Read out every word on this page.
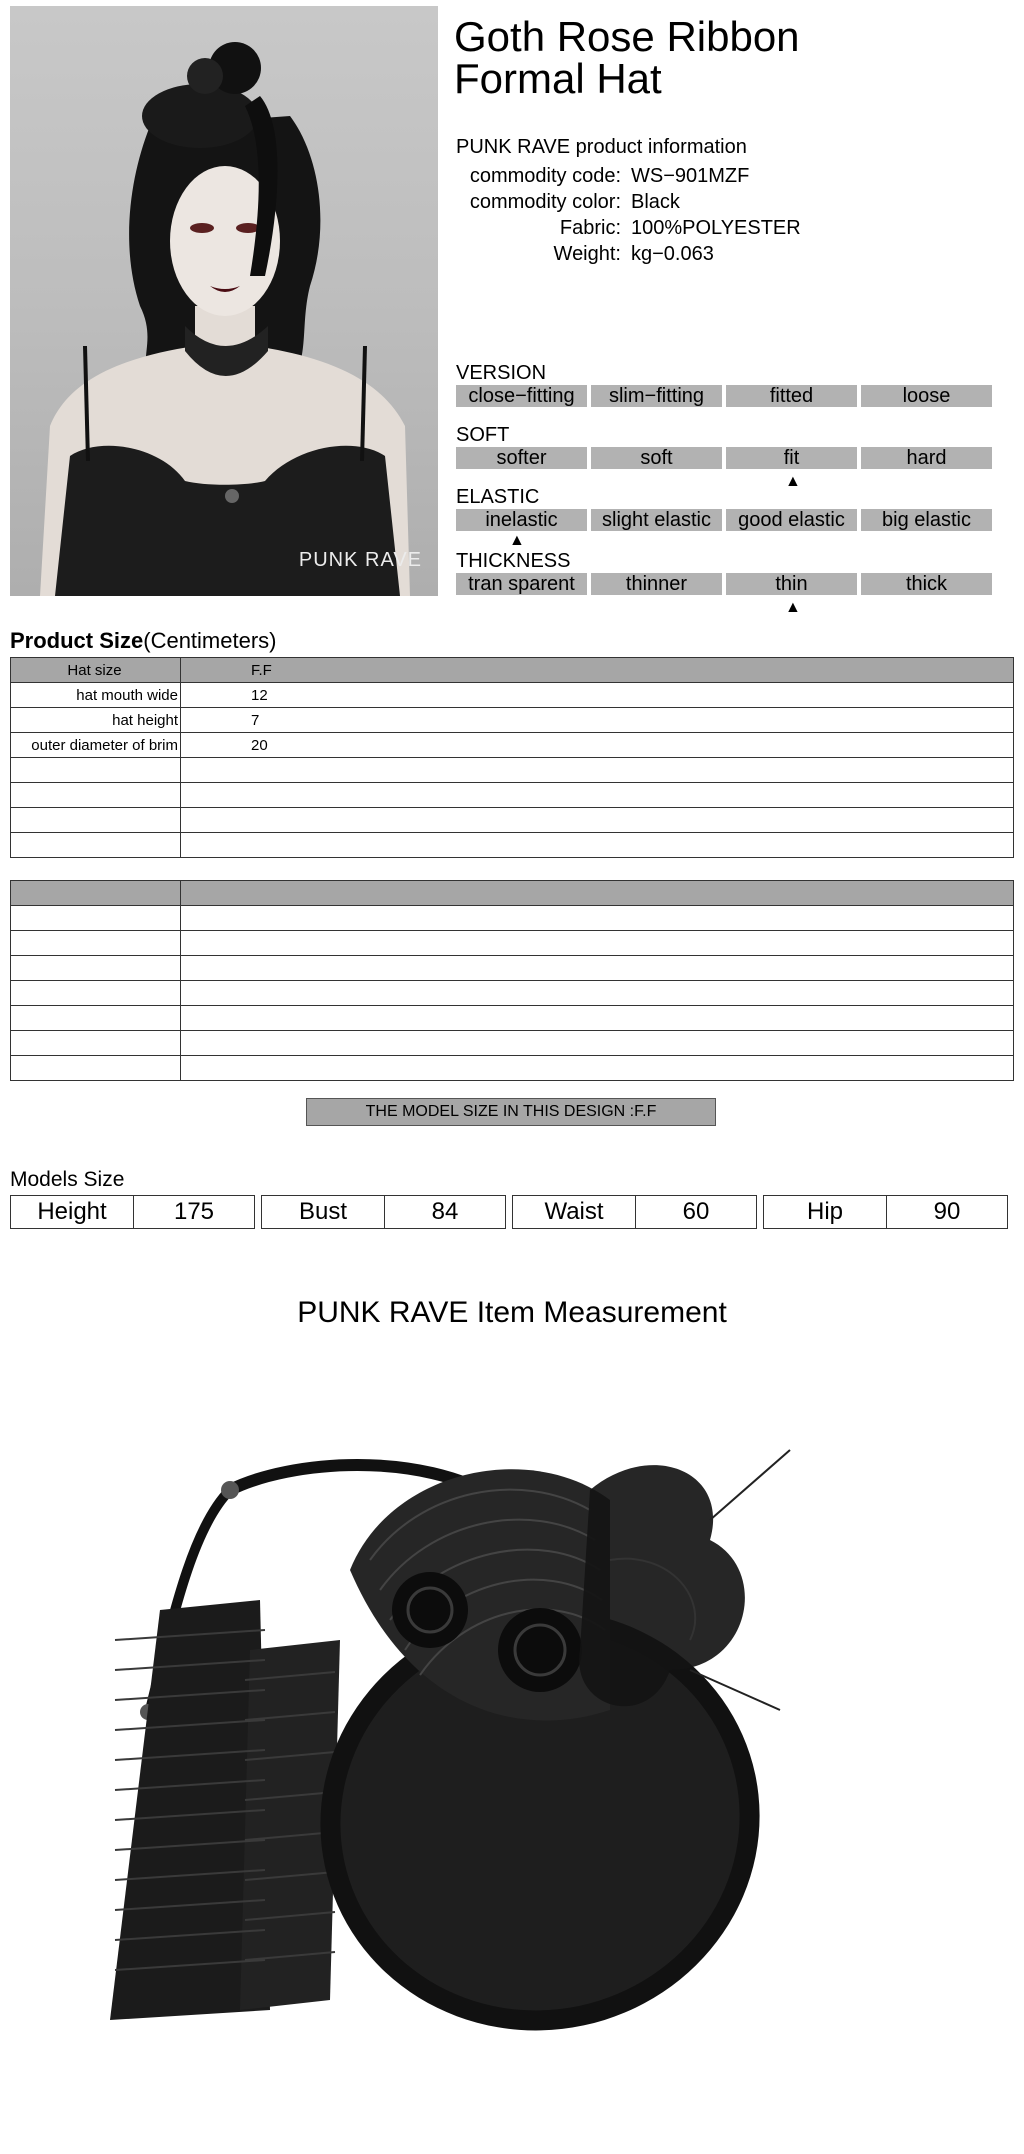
PUNK RAVE
Goth Rose Ribbon
Formal Hat
PUNK RAVE product information
commodity code: WS−901MZF
commodity color: Black
Fabric: 100%POLYESTER
Weight: kg−0.063
VERSION
close−fitting	slim−fitting	fitted	loose
SOFT
softer	soft	fit	hard
▲
ELASTIC
inelastic	slight elastic	good elastic	big elastic
▲
THICKNESS
tran sparent	thinner	thin	thick
▲
Product Size(Centimeters)
Hat size	F.F
hat mouth wide	12
hat height	7
outer diameter of brim	20

THE MODEL SIZE IN THIS DESIGN :F.F
Models Size
Height	175	Bust	84	Waist	60	Hip	90
PUNK RAVE Item Measurement
